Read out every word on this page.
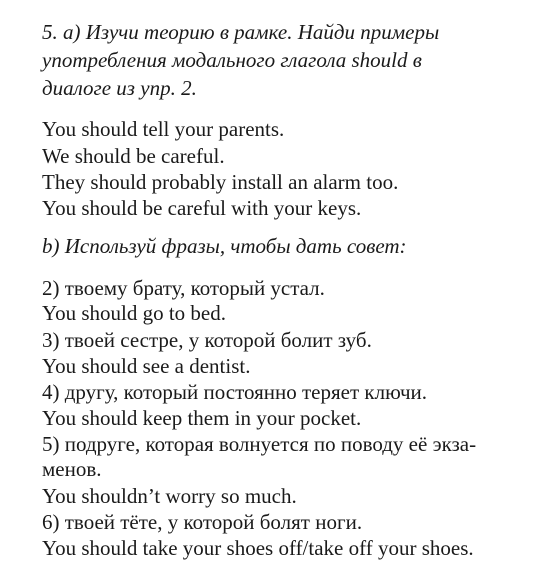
5. а) Изучи теорию в рамке. Найди примеры
употребления модального глагола should в
диалоге из упр. 2.
You should tell your parents.
We should be careful.
They should probably install an alarm too.
You should be careful with your keys.
b) Используй фразы, чтобы дать совет:
2) твоему брату, который устал.
You should go to bed.
3) твоей сестре, у которой болит зуб.
You should see a dentist.
4) другу, который постоянно теряет ключи.
You should keep them in your pocket.
5) подруге, которая волнуется по поводу её экза-
менов.
You shouldn’t worry so much.
6) твоей тёте, у которой болят ноги.
You should take your shoes off/take off your shoes.
